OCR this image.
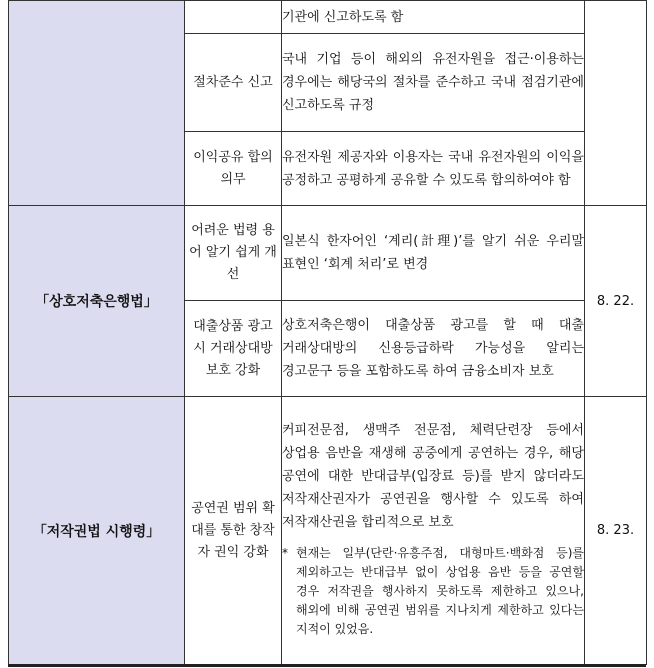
		기관에 신고하도록 함	
	절차준수 신고	국내 기업 등이 해외의 유전자원을 접근·이용하는 경우에는 해당국의 절차를 준수하고 국내 점검기관에 신고하도록 규정	
	이익공유 합의 의무	유전자원 제공자와 이용자는 국내 유전자원의 이익을 공정하고 공평하게 공유할 수 있도록 합의하여야 함	
「상호저축은행법」	어려운 법령 용어 알기 쉽게 개선	일본식 한자어인 ‘계리(計理)’를 알기 쉬운 우리말 표현인 ‘회계 처리’로 변경	8. 22.
	대출상품 광고 시 거래상대방 보호 강화	상호저축은행이 대출상품 광고를 할 때 대출 거래상대방의 신용등급하락 가능성을 알리는 경고문구 등을 포함하도록 하여 금융소비자 보호	
「저작권법 시행령」	공연권 범위 확대를 통한 창작자 권익 강화	커피전문점, 생맥주 전문점, 체력단련장 등에서 상업용 음반을 재생해 공중에게 공연하는 경우, 해당 공연에 대한 반대급부(입장료 등)를 받지 않더라도 저작재산권자가 공연권을 행사할 수 있도록 하여 저작재산권을 합리적으로 보호
* 현재는 일부(단란·유흥주점, 대형마트·백화점 등)를 제외하고는 반대급부 없이 상업용 음반 등을 공연할 경우 저작권을 행사하지 못하도록 제한하고 있으나, 해외에 비해 공연권 범위를 지나치게 제한하고 있다는 지적이 있었음.	8. 23.
